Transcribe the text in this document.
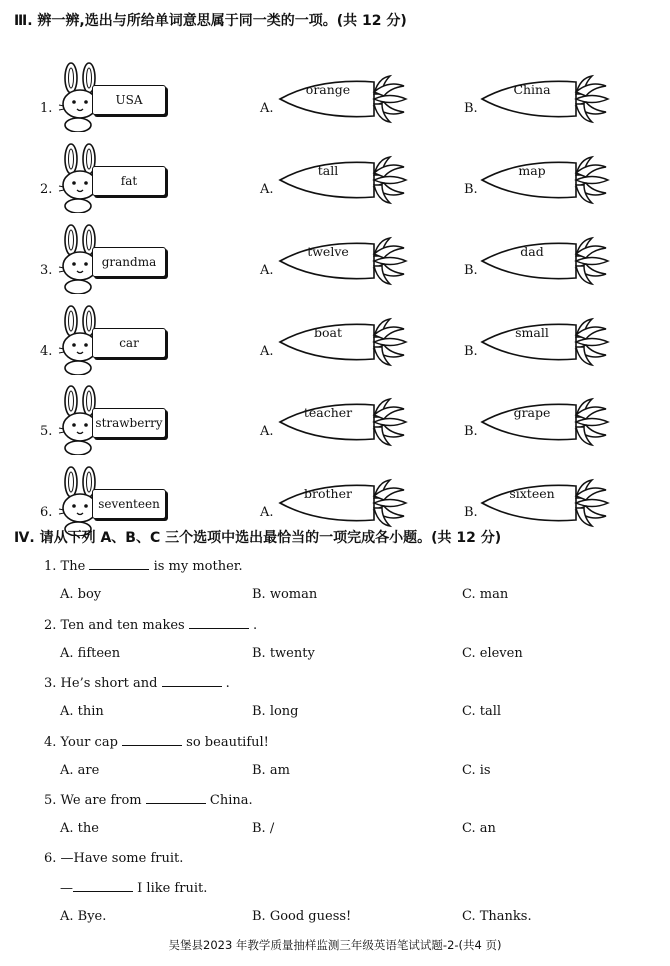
Ⅲ. 辨一辨,选出与所给单词意思属于同一类的一项。(共 12 分)
1.
USA
A.
orange
B.
China
2.
fat
A.
tall
B.
map
3.
grandma
A.
twelve
B.
dad
4.
car
A.
boat
B.
small
5.
strawberry
A.
teacher
B.
grape
6.
seventeen
A.
brother
B.
sixteen
Ⅳ. 请从下列 A、B、C 三个选项中选出最恰当的一项完成各小题。(共 12 分)
1. The	is my mother.
A. boy	B. woman	C. man
2. Ten and ten makes	.
A. fifteen	B. twenty	C. eleven
3. He’s short and	.
A. thin	B. long	C. tall
4. Your cap	so beautiful!
A. are	B. am	C. is
5. We are from	China.
A. the	B. /	C. an
6. —Have some fruit.
—	I like fruit.
A. Bye.	B. Good guess!	C. Thanks.
吴堡县2023 年教学质量抽样监测三年级英语笔试试题-2-(共4 页)
